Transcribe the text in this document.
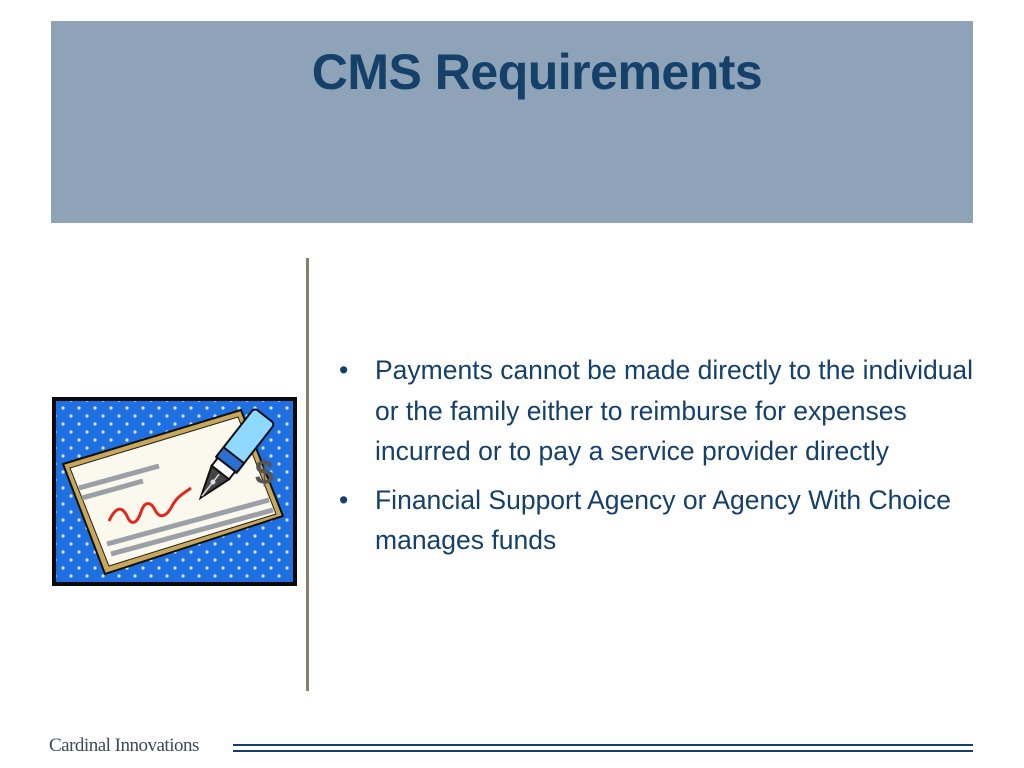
CMS Requirements
$
• Payments cannot be made directly to the individual or the family either to reimburse for expenses incurred or to pay a service provider directly
• Financial Support Agency or Agency With Choice manages funds
Cardinal Innovations
